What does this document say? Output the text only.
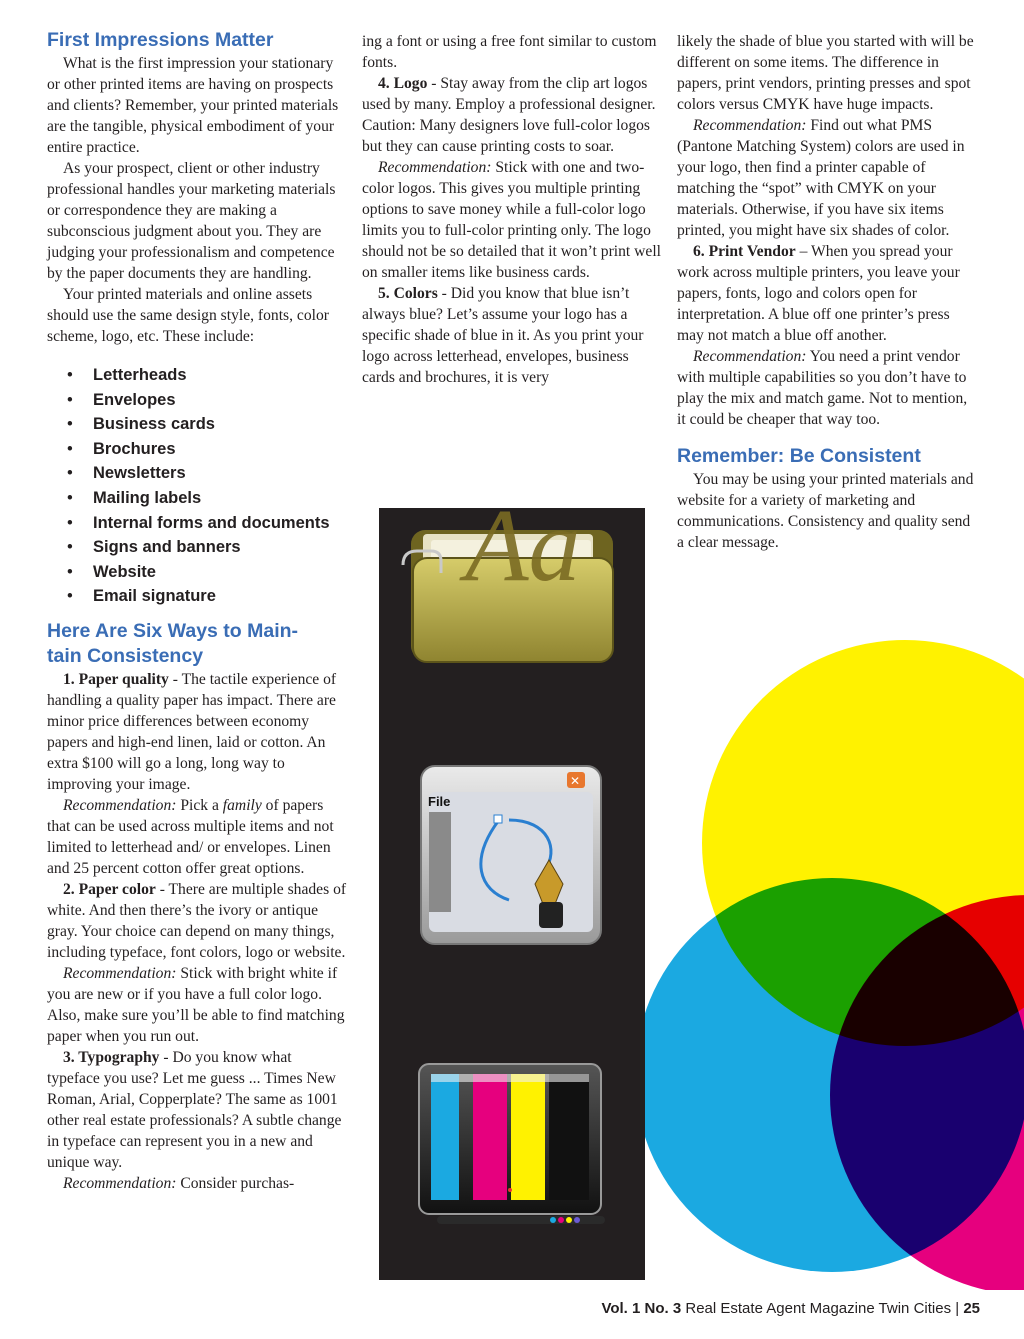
First Impressions Matter

What is the first impression your stationary or other printed items are having on prospects and clients? Remember, your printed materials are the tangible, physical embodiment of your entire practice.

As your prospect, client or other industry professional handles your marketing materials or correspondence they are making a subconscious judgment about you. They are judging your professionalism and competence by the paper documents they are handling.

Your printed materials and online assets should use the same design style, fonts, color scheme, logo, etc. These include:

• Letterheads
• Envelopes
• Business cards
• Brochures
• Newsletters
• Mailing labels
• Internal forms and documents
• Signs and banners
• Website
• Email signature
Here Are Six Ways to Main-
tain Consistency

1. Paper quality - The tactile experience of handling a quality paper has impact. There are minor price differences between economy papers and high-end linen, laid or cotton. An extra $100 will go a long, long way to improving your image.

Recommendation: Pick a family of papers that can be used across multiple items and not limited to letterhead and/ or envelopes. Linen and 25 percent cotton offer great options.

2. Paper color - There are multiple shades of white. And then there’s the ivory or antique gray. Your choice can depend on many things, including typeface, font colors, logo or website.

Recommendation: Stick with bright white if you are new or if you have a full color logo. Also, make sure you’ll be able to find matching paper when you run out.

3. Typography - Do you know what typeface you use? Let me guess ... Times New Roman, Arial, Copperplate? The same as 1001 other real estate professionals? A subtle change in typeface can represent you in a new and unique way.

Recommendation: Consider purchas-

ing a font or using a free font similar to custom fonts.

4. Logo - Stay away from the clip art logos used by many. Employ a professional designer. Caution: Many designers love full-color logos but they can cause printing costs to soar.

Recommendation: Stick with one and two-color logos. This gives you multiple printing options to save money while a full-color logo limits you to full-color printing only. The logo should not be so detailed that it won’t print well on smaller items like business cards.

5. Colors - Did you know that blue isn’t always blue? Let’s assume your logo has a specific shade of blue in it. As you print your logo across letterhead, envelopes, business cards and brochures, it is very

likely the shade of blue you started with will be different on some items. The difference in papers, print vendors, printing presses and spot colors versus CMYK have huge impacts.

Recommendation: Find out what PMS (Pantone Matching System) colors are used in your logo, then find a printer capable of matching the “spot” with CMYK on your materials. Otherwise, if you have six items printed, you might have six shades of color.

6. Print Vendor – When you spread your work across multiple printers, you leave your papers, fonts, logo and colors open for interpretation. A blue off one printer’s press may not match a blue off another.

Recommendation: You need a print vendor with multiple capabilities so you don’t have to play the mix and match game. Not to mention, it could be cheaper that way too.

Remember: Be Consistent

You may be using your printed materials and website for a variety of marketing and communications. Consistency and quality send a clear message.

Aa
✕
File
Vol. 1 No. 3 Real Estate Agent Magazine Twin Cities | 25
